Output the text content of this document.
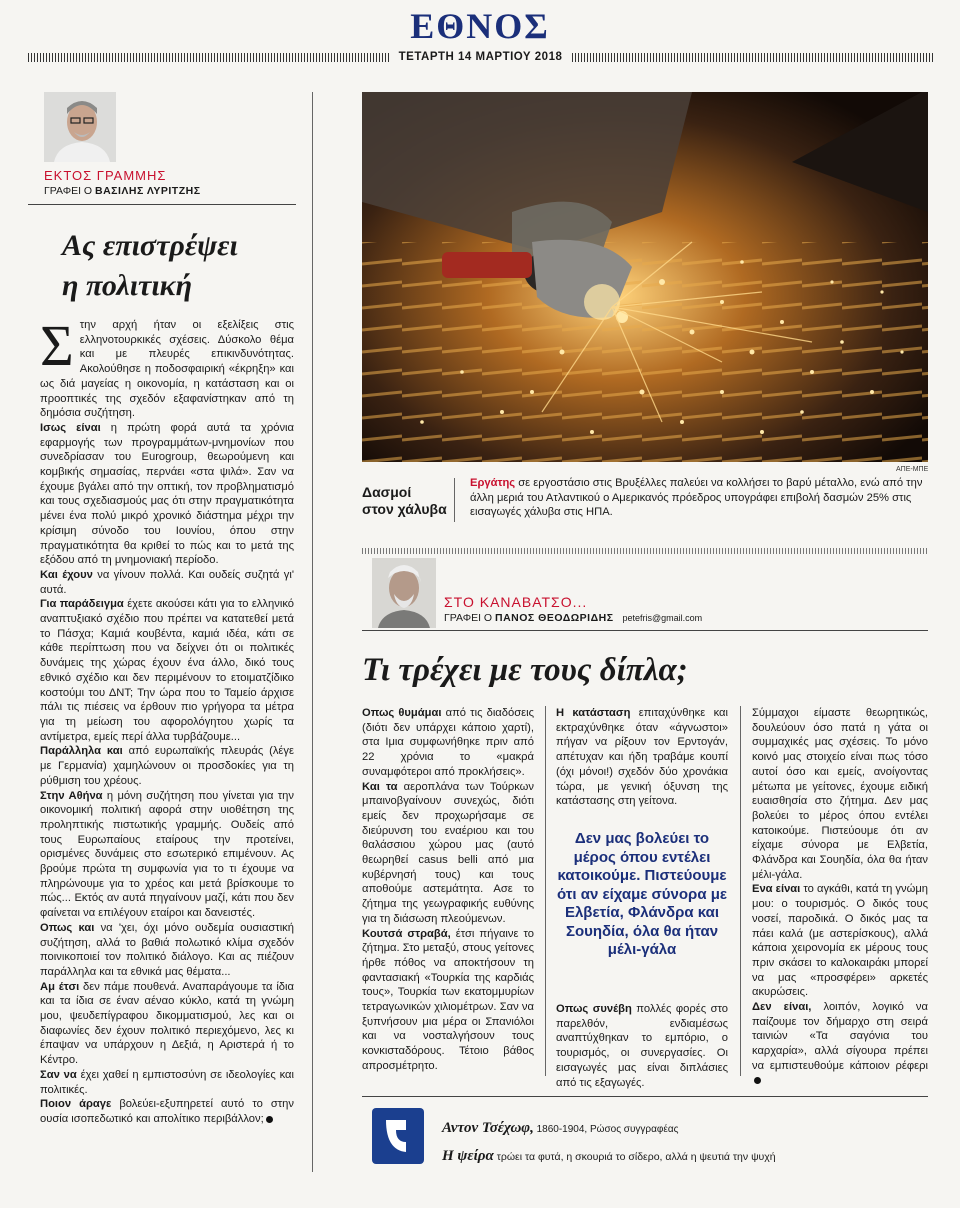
ΕΘΝΟΣ
ΤΕΤΑΡΤΗ 14 ΜΑΡΤΙΟΥ 2018
ΕΚΤΟΣ ΓΡΑΜΜΗΣ
ΓΡΑΦΕΙ Ο ΒΑΣΙΛΗΣ ΛΥΡΙΤΖΗΣ
Ας επιστρέψει
η πολιτική
Σ την αρχή ήταν οι εξελίξεις στις ελληνοτουρκικές σχέσεις. Δύσκολο θέμα και με πλευρές επικινδυνότητας. Ακολούθησε η ποδοσφαιρική «έκρηξη» και ως διά μαγείας η οικονομία, η κατάσταση και οι προοπτικές της σχεδόν εξαφανίστηκαν από τη δημόσια συζήτηση.

Ισως είναι η πρώτη φορά αυτά τα χρόνια εφαρμογής των προγραμμάτων-μνημονίων που συνεδρίασαν του Eurogroup, θεωρούμενη και κομβικής σημασίας, περνάει «στα ψιλά». Σαν να έχουμε βγάλει από την οπτική, τον προβληματισμό και τους σχεδιασμούς μας ότι στην πραγματικότητα μένει ένα πολύ μικρό χρονικό διάστημα μέχρι την κρίσιμη σύνοδο του Ιουνίου, όπου στην πραγματικότητα θα κριθεί το πώς και το μετά της εξόδου από τη μνημονιακή περίοδο.

Και έχουν να γίνουν πολλά. Και ουδείς συζητά γι' αυτά.

Για παράδειγμα έχετε ακούσει κάτι για το ελληνικό αναπτυξιακό σχέδιο που πρέπει να κατατεθεί μετά το Πάσχα; Καμιά κουβέντα, καμιά ιδέα, κάτι σε κάθε περίπτωση που να δείχνει ότι οι πολιτικές δυνάμεις της χώρας έχουν ένα άλλο, δικό τους εθνικό σχέδιο και δεν περιμένουν το ετοιματζίδικο κοστούμι του ΔΝΤ; Την ώρα που το Ταμείο άρχισε πάλι τις πιέσεις να έρθουν πιο γρήγορα τα μέτρα για τη μείωση του αφορολόγητου χωρίς τα αντίμετρα, εμείς περί άλλα τυρβάζουμε...

Παράλληλα και από ευρωπαϊκής πλευράς (λέγε με Γερμανία) χαμηλώνουν οι προσδοκίες για τη ρύθμιση του χρέους.

Στην Αθήνα η μόνη συζήτηση που γίνεται για την οικονομική πολιτική αφορά στην υιοθέτηση της προληπτικής πιστωτικής γραμμής. Ουδείς από τους Ευρωπαίους εταίρους την προτείνει, ορισμένες δυνάμεις στο εσωτερικό επιμένουν. Ας βρούμε πρώτα τη συμφωνία για το τι έχουμε να πληρώνουμε για το χρέος και μετά βρίσκουμε το πώς... Εκτός αν αυτά πηγαίνουν μαζί, κάτι που δεν φαίνεται να επιλέγουν εταίροι και δανειστές.

Οπως και να 'χει, όχι μόνο ουδεμία ουσιαστική συζήτηση, αλλά το βαθιά πολωτικό κλίμα σχεδόν ποινικοποιεί τον πολιτικό διάλογο. Και ας πιέζουν παράλληλα και τα εθνικά μας θέματα...

Αμ έτσι δεν πάμε πουθενά. Αναπαράγουμε τα ίδια και τα ίδια σε έναν αέναο κύκλο, κατά τη γνώμη μου, ψευδεπίγραφου δικομματισμού, λες και οι διαφωνίες δεν έχουν πολιτικό περιεχόμενο, λες κι έπαψαν να υπάρχουν η Δεξιά, η Αριστερά ή το Κέντρο.

Σαν να έχει χαθεί η εμπιστοσύνη σε ιδεολογίες και πολιτικές.

Ποιον άραγε βολεύει-εξυπηρετεί αυτό το στην ουσία ισοπεδωτικό και απολίτικο περιβάλλον;

ΑΠΕ-ΜΠΕ
Δασμοί
στον χάλυβα
Εργάτης σε εργοστάσιο στις Βρυξέλλες παλεύει να κολλήσει το βαρύ μέταλλο, ενώ από την άλλη μεριά του Ατλαντικού ο Αμερικανός πρόεδρος υπογράφει επιβολή δασμών 25% στις εισαγωγές χάλυβα στις ΗΠΑ.
ΣΤΟ ΚΑΝΑΒΑΤΣΟ...
ΓΡΑΦΕΙ Ο ΠΑΝΟΣ ΘΕΟΔΩΡΙΔΗΣ petefris@gmail.com
Τι τρέχει με τους δίπλα;

Οπως θυμάμαι από τις διαδόσεις (διότι δεν υπάρχει κάποιο χαρτί), στα Ιμια συμφωνήθηκε πριν από 22 χρόνια το «μακρά συναμφότεροι από προκλήσεις».

Και τα αεροπλάνα των Τούρκων μπαινοβγαίνουν συνεχώς, διότι εμείς δεν προχωρήσαμε σε διεύρυνση του εναέριου και του θαλάσσιου χώρου μας (αυτό θεωρηθεί casus belli από μια κυβέρνησή τους) και τους αποθούμε αστεμάτητα. Ασε το ζήτημα της γεωγραφικής ευθύνης για τη διάσωση πλεούμενων.

Κουτσά στραβά, έτσι πήγαινε το ζήτημα. Στο μεταξύ, στους γείτονες ήρθε πόθος να αποκτήσουν τη φαντασιακή «Τουρκία της καρδιάς τους», Τουρκία των εκατομμυρίων τετραγωνικών χιλιομέτρων. Σαν να ξυπνήσουν μια μέρα οι Σπανιόλοι και να νοσταλγήσουν τους κονκισταδόρους. Τέτοιο βάθος απροσμέτρητο.

Η κατάσταση επιταχύνθηκε και εκτραχύνθηκε όταν «άγνωστοι» πήγαν να ρίξουν τον Ερντογάν, απέτυχαν και ήδη τραβάμε κουπί (όχι μόνοι!) σχεδόν δύο χρονάκια τώρα, με γενική όξυνση της κατάστασης στη γείτονα.

Δεν μας βολεύει το μέρος όπου εντέλει κατοικούμε. Πιστεύουμε ότι αν είχαμε σύνορα με Ελβετία, Φλάνδρα και Σουηδία, όλα θα ήταν μέλι-γάλα

Οπως συνέβη πολλές φορές στο παρελθόν, ενδιαμέσως αναπτύχθηκαν το εμπόριο, ο τουρισμός, οι συνεργασίες. Οι εισαγωγές μας είναι διπλάσιες από τις εξαγωγές.

Σύμμαχοι είμαστε θεωρητικώς, δουλεύουν όσο πατά η γάτα οι συμμαχικές μας σχέσεις. Το μόνο κοινό μας στοιχείο είναι πως τόσο αυτοί όσο και εμείς, ανοίγοντας μέτωπα με γείτονες, έχουμε ειδική ευαισθησία στο ζήτημα. Δεν μας βολεύει το μέρος όπου εντέλει κατοικούμε. Πιστεύουμε ότι αν είχαμε σύνορα με Ελβετία, Φλάνδρα και Σουηδία, όλα θα ήταν μέλι-γάλα.

Ενα είναι το αγκάθι, κατά τη γνώμη μου: ο τουρισμός. Ο δικός τους νοσεί, παροδικά. Ο δικός μας τα πάει καλά (με αστερίσκους), αλλά κάποια χειρονομία εκ μέρους τους πριν σκάσει το καλοκαιράκι μπορεί να μας «προσφέρει» αρκετές ακυρώσεις.

Δεν είναι, λοιπόν, λογικό να παίζουμε τον δήμαρχο στη σειρά ταινιών «Τα σαγόνια του καρχαρία», αλλά σίγουρα πρέπει να εμπιστευθούμε κάποιον ρέφερι

Αντον Τσέχωφ, 1860-1904, Ρώσος συγγραφέας
Η ψείρα τρώει τα φυτά, η σκουριά το σίδερο, αλλά η ψευτιά την ψυχή
